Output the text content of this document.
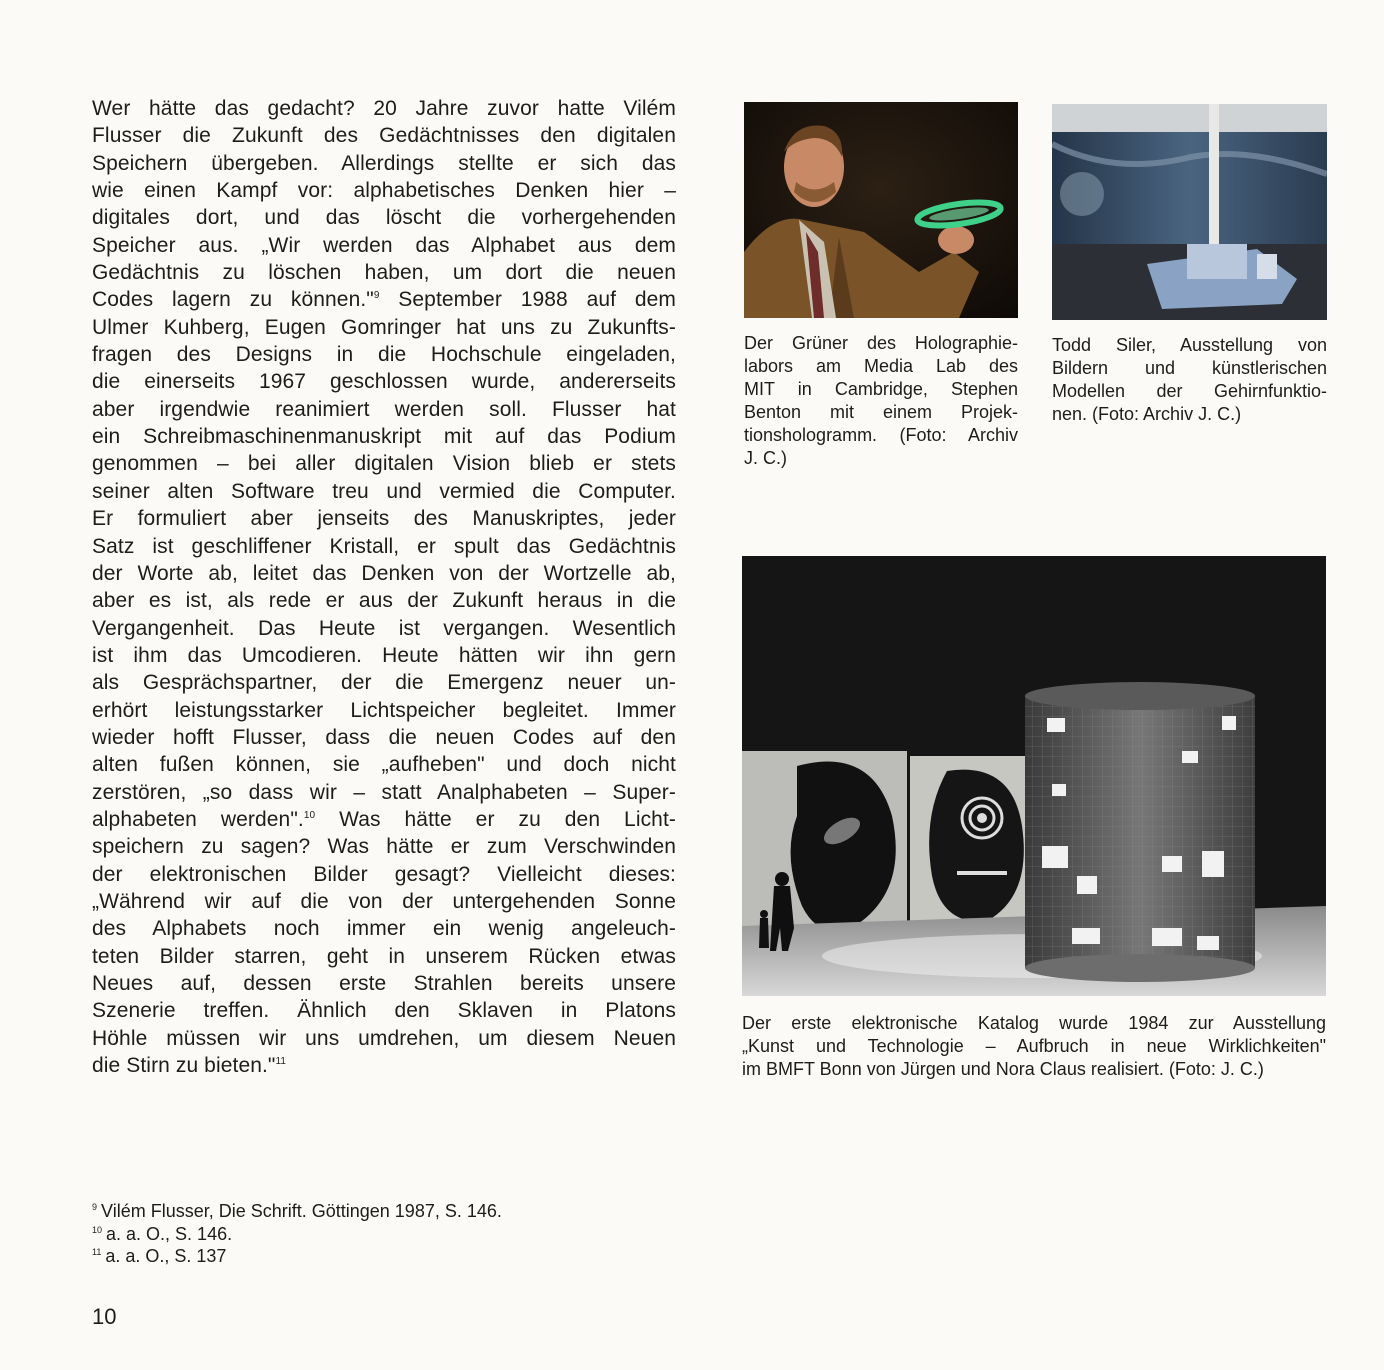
Wer hätte das gedacht? 20 Jahre zuvor hatte Vilém
Flusser die Zukunft des Gedächtnisses den digitalen
Speichern übergeben. Allerdings stellte er sich das
wie einen Kampf vor: alphabetisches Denken hier –
digitales dort, und das löscht die vorhergehenden
Speicher aus. „Wir werden das Alphabet aus dem
Gedächtnis zu löschen haben, um dort die neuen
Codes lagern zu können."$^9$ September 1988 auf dem
Ulmer Kuhberg, Eugen Gomringer hat uns zu Zukunfts-
fragen des Designs in die Hochschule eingeladen,
die einerseits 1967 geschlossen wurde, andererseits
aber irgendwie reanimiert werden soll. Flusser hat
ein Schreibmaschinenmanuskript mit auf das Podium
genommen – bei aller digitalen Vision blieb er stets
seiner alten Software treu und vermied die Computer.
Er formuliert aber jenseits des Manuskriptes, jeder
Satz ist geschliffener Kristall, er spult das Gedächtnis
der Worte ab, leitet das Denken von der Wortzelle ab,
aber es ist, als rede er aus der Zukunft heraus in die
Vergangenheit. Das Heute ist vergangen. Wesentlich
ist ihm das Umcodieren. Heute hätten wir ihn gern
als Gesprächspartner, der die Emergenz neuer un-
erhört leistungsstarker Lichtspeicher begleitet. Immer
wieder hofft Flusser, dass die neuen Codes auf den
alten fußen können, sie „aufheben" und doch nicht
zerstören, „so dass wir – statt Analphabeten – Super-
alphabeten werden".$^{10}$ Was hätte er zu den Licht-
speichern zu sagen? Was hätte er zum Verschwinden
der elektronischen Bilder gesagt? Vielleicht dieses:
„Während wir auf die von der untergehenden Sonne
des Alphabets noch immer ein wenig angeleuch-
teten Bilder starren, geht in unserem Rücken etwas
Neues auf, dessen erste Strahlen bereits unsere
Szenerie treffen. Ähnlich den Sklaven in Platons
Höhle müssen wir uns umdrehen, um diesem Neuen
die Stirn zu bieten."$^{11}$
Der Grüner des Holographie-
labors am Media Lab des
MIT in Cambridge, Stephen
Benton mit einem Projek-
tionshologramm. (Foto: Archiv
J. C.)
Todd Siler, Ausstellung von
Bildern und künstlerischen
Modellen der Gehirnfunktio-
nen. (Foto: Archiv J. C.)
Der erste elektronische Katalog wurde 1984 zur Ausstellung
„Kunst und Technologie – Aufbruch in neue Wirklichkeiten"
im BMFT Bonn von Jürgen und Nora Claus realisiert. (Foto: J. C.)
$^9$ Vilém Flusser, Die Schrift. Göttingen 1987, S. 146.
$^{10}$ a. a. O., S. 146.
$^{11}$ a. a. O., S. 137
10
